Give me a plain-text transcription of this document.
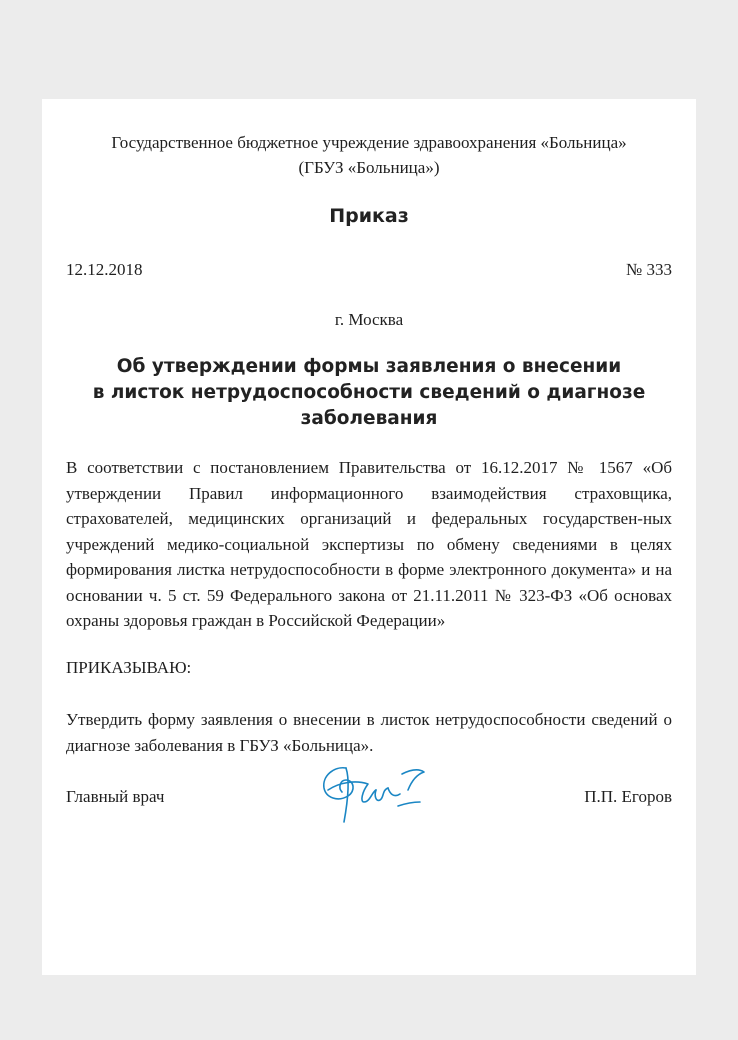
Государственное бюджетное учреждение здравоохранения «Больница»
(ГБУЗ «Больница»)
Приказ
12.12.2018	№ 333
г. Москва
Об утверждении формы заявления о внесении
в листок нетрудоспособности сведений о диагнозе
заболевания

В соответствии с постановлением Правительства от 16.12.2017 № 1567 «Об утверждении Правил информационного взаимодействия страховщика, страхователей, медицинских организаций и федеральных государствен-ных учреждений медико-социальной экспертизы по обмену сведениями в целях формирования листка нетрудоспособности в форме электронного документа» и на основании ч. 5 ст. 59 Федерального закона от 21.11.2011 № 323-ФЗ «Об основах охраны здоровья граждан в Российской Федерации»

ПРИКАЗЫВАЮ:

Утвердить форму заявления о внесении в листок нетрудоспособности сведений о диагнозе заболевания в ГБУЗ «Больница».

Главный врач	П.П. Егоров
